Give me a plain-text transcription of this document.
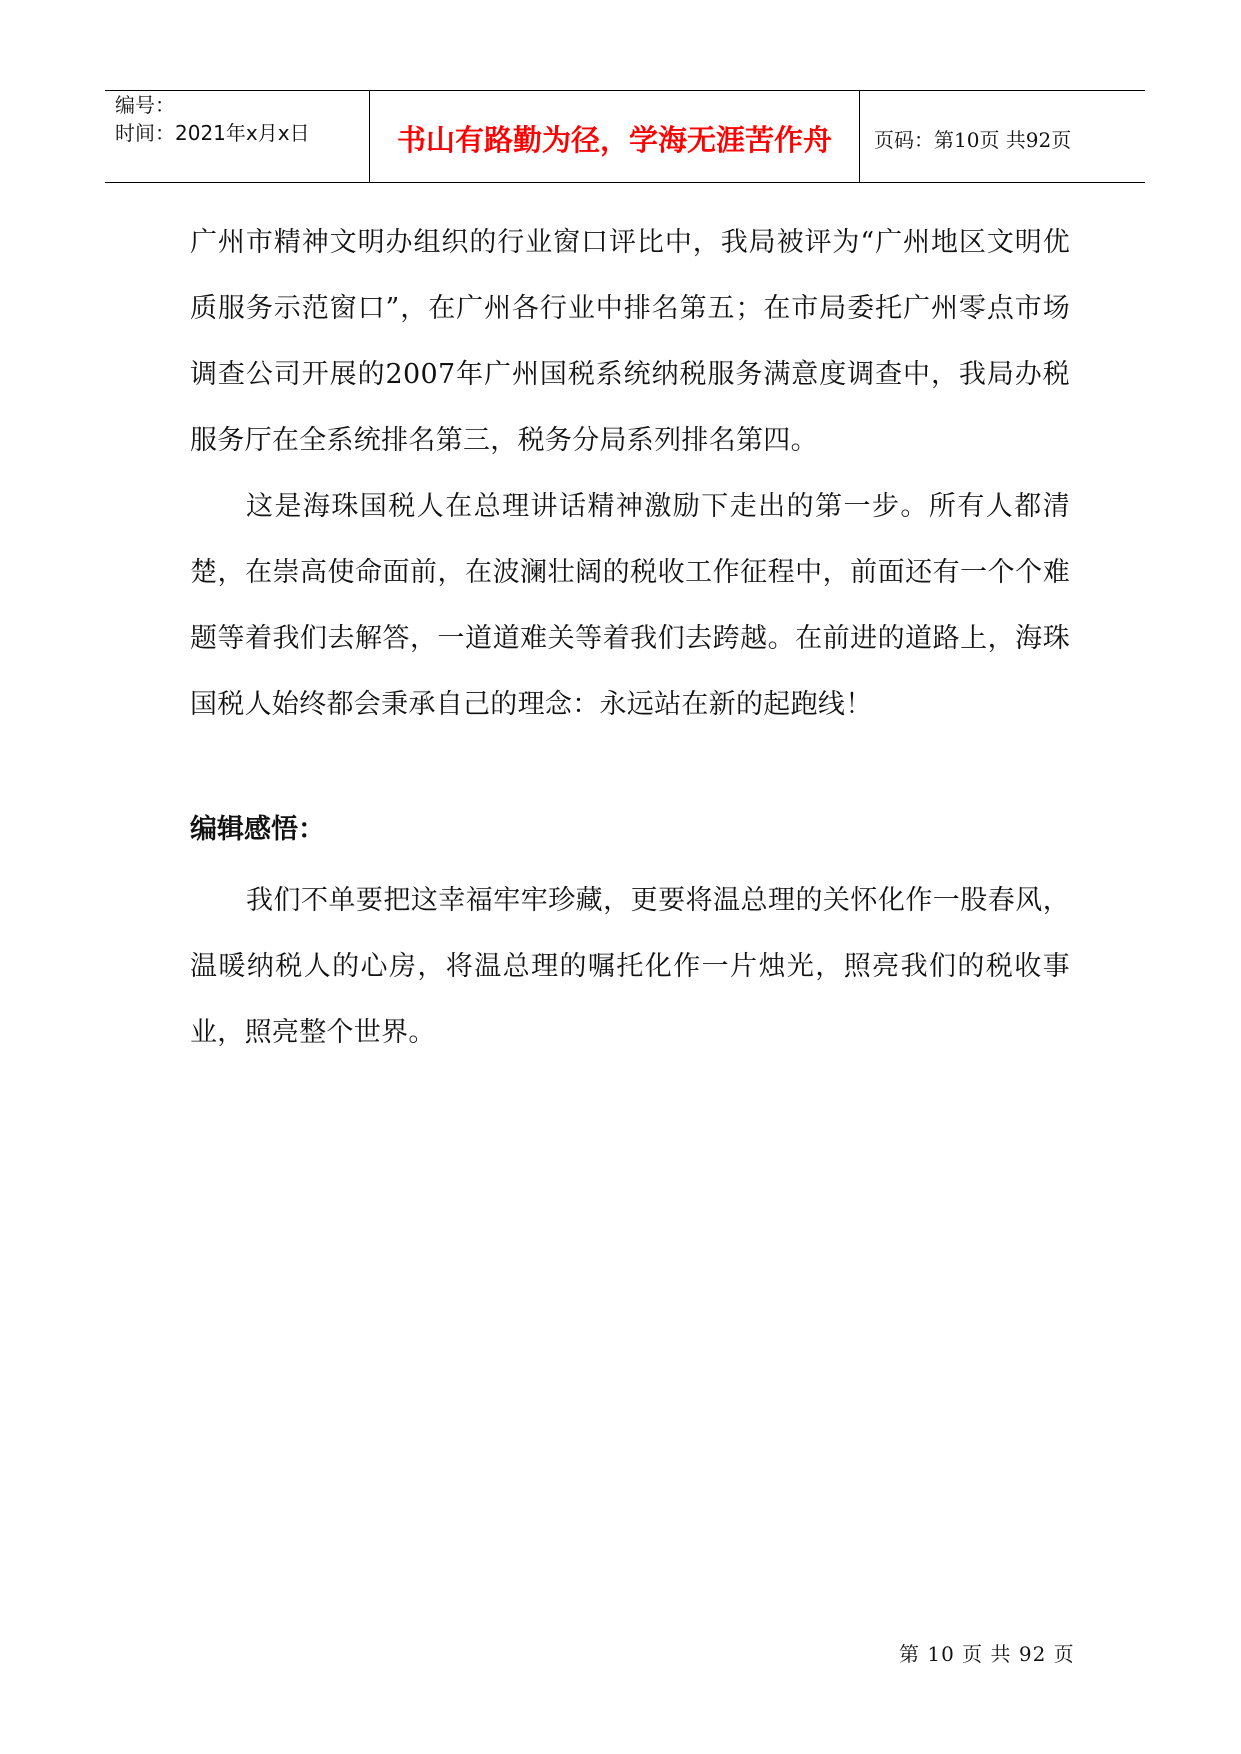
编号：
时间：2021年x月x日	书山有路勤为径，学海无涯苦作舟	页码：第10页 共92页

广州市精神文明办组织的行业窗口评比中，我局被评为“广州地区文明优质服务示范窗口”，在广州各行业中排名第五；在市局委托广州零点市场调查公司开展的2007年广州国税系统纳税服务满意度调查中，我局办税服务厅在全系统排名第三，税务分局系列排名第四。

这是海珠国税人在总理讲话精神激励下走出的第一步。所有人都清楚，在崇高使命面前，在波澜壮阔的税收工作征程中，前面还有一个个难题等着我们去解答，一道道难关等着我们去跨越。在前进的道路上，海珠国税人始终都会秉承自己的理念：永远站在新的起跑线！

编辑感悟：

我们不单要把这幸福牢牢珍藏，更要将温总理的关怀化作一股春风，温暖纳税人的心房，将温总理的嘱托化作一片烛光，照亮我们的税收事业，照亮整个世界。

第 10 页 共 92 页
